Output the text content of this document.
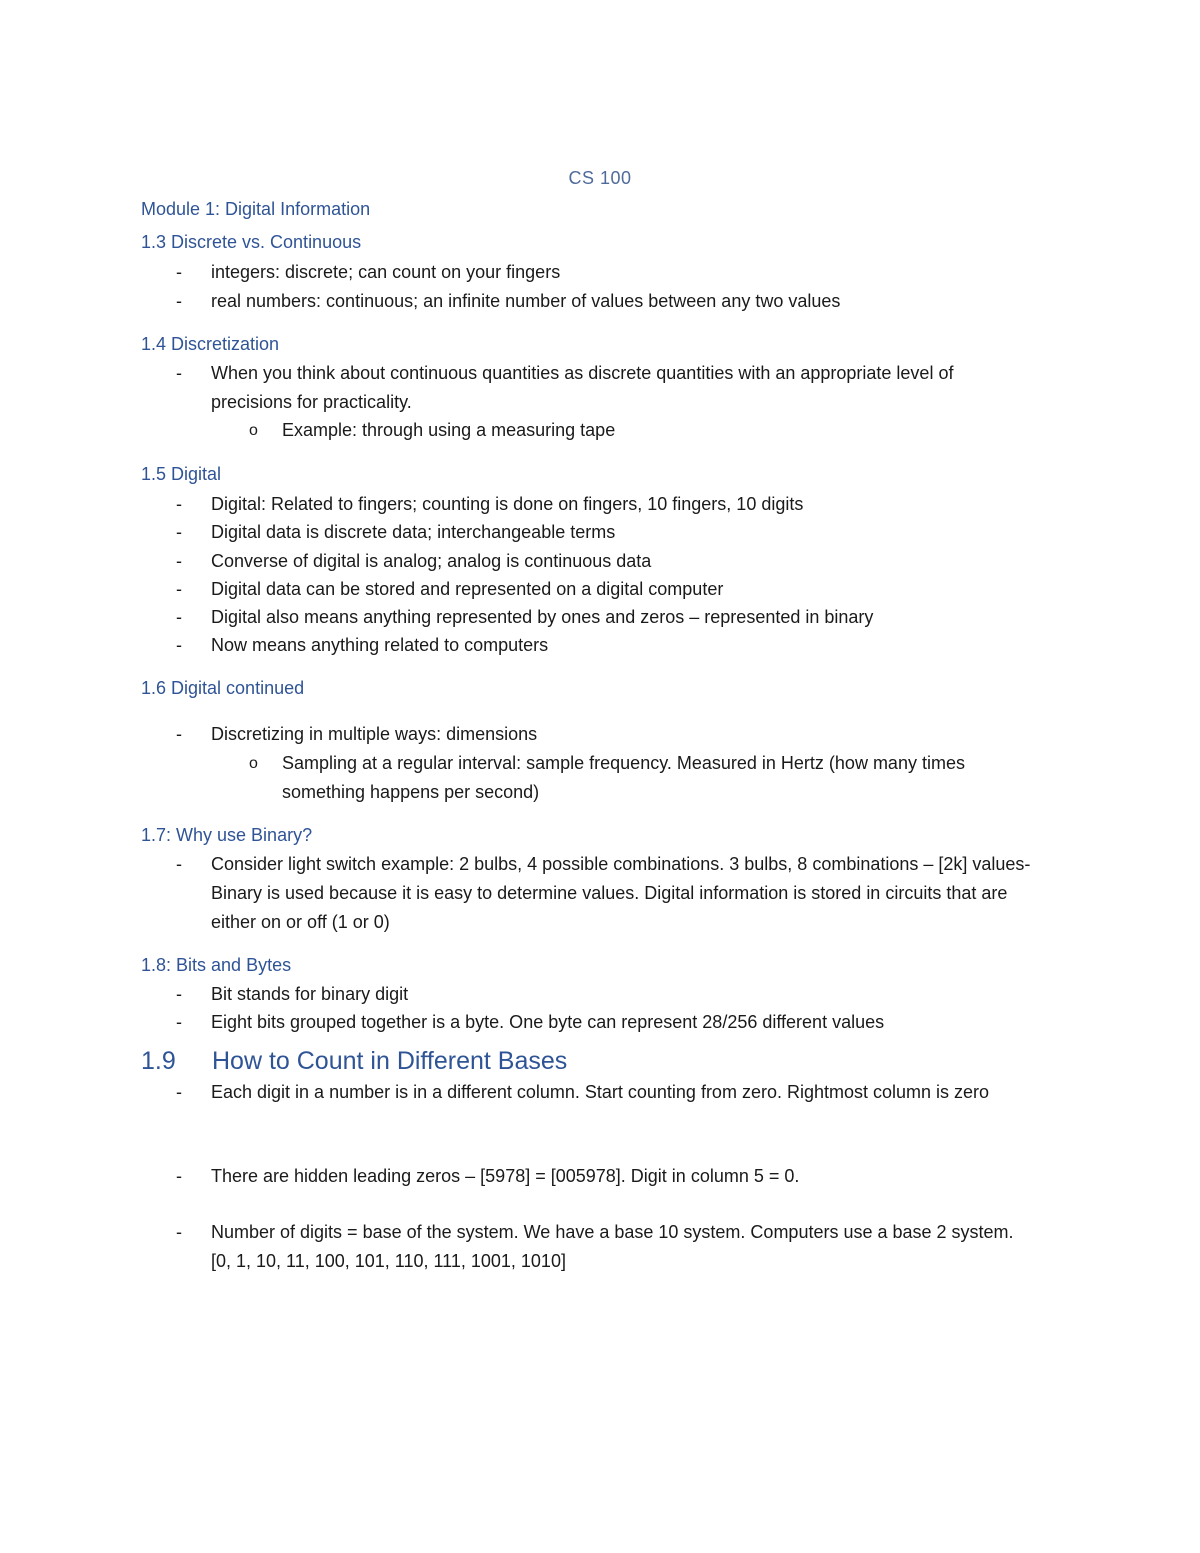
CS 100
Module 1: Digital Information
1.3 Discrete vs. Continuous
- integers: discrete; can count on your fingers
- real numbers: continuous; an infinite number of values between any two values
1.4 Discretization
- When you think about continuous quantities as discrete quantities with an appropriate level of precisions for practicality.
o Example: through using a measuring tape
1.5 Digital
- Digital: Related to fingers; counting is done on fingers, 10 fingers, 10 digits
- Digital data is discrete data; interchangeable terms
- Converse of digital is analog; analog is continuous data
- Digital data can be stored and represented on a digital computer
- Digital also means anything represented by ones and zeros – represented in binary
- Now means anything related to computers
1.6 Digital continued
- Discretizing in multiple ways: dimensions
o Sampling at a regular interval: sample frequency. Measured in Hertz (how many times something happens per second)
1.7: Why use Binary?
- Consider light switch example: 2 bulbs, 4 possible combinations. 3 bulbs, 8 combinations – [2k] values- Binary is used because it is easy to determine values. Digital information is stored in circuits that are either on or off (1 or 0)
1.8: Bits and Bytes
- Bit stands for binary digit
- Eight bits grouped together is a byte. One byte can represent 28/256 different values
1.9 How to Count in Different Bases
- Each digit in a number is in a different column. Start counting from zero. Rightmost column is zero
- There are hidden leading zeros – [5978] = [005978]. Digit in column 5 = 0.
- Number of digits = base of the system. We have a base 10 system. Computers use a base 2 system. [0, 1, 10, 11, 100, 101, 110, 111, 1001, 1010]
